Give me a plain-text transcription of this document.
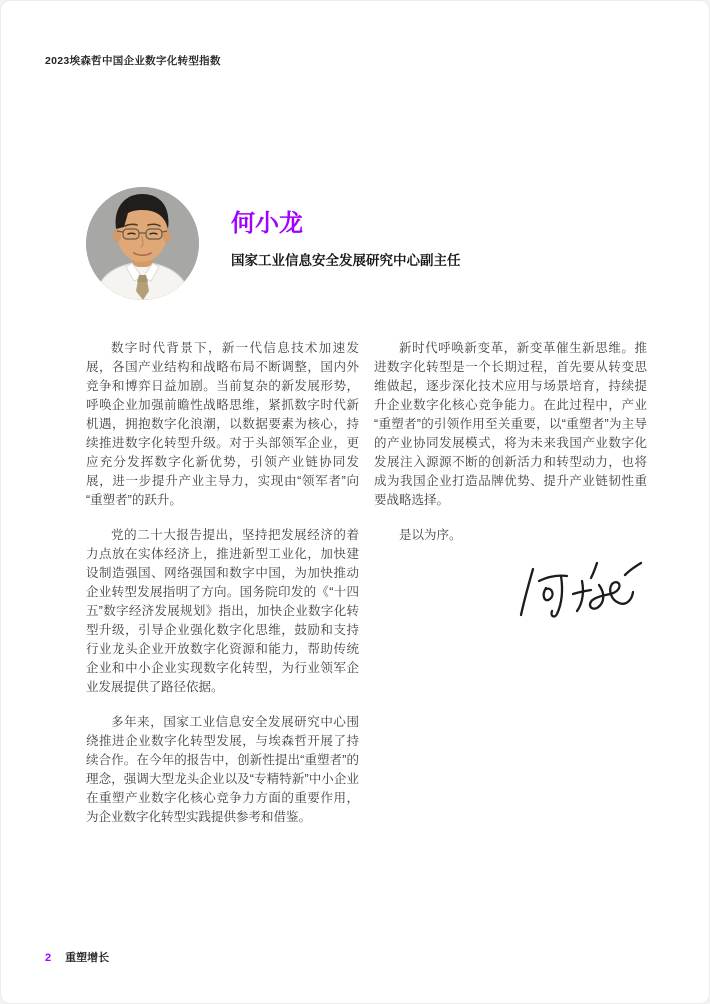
2023埃森哲中国企业数字化转型指数
何小龙
国家工业信息安全发展研究中心副主任

数字时代背景下，新一代信息技术加速发展，各国产业结构和战略布局不断调整，国内外竞争和博弈日益加剧。当前复杂的新发展形势，呼唤企业加强前瞻性战略思维，紧抓数字时代新机遇，拥抱数字化浪潮，以数据要素为核心，持续推进数字化转型升级。对于头部领军企业，更应充分发挥数字化新优势，引领产业链协同发展，进一步提升产业主导力，实现由“领军者”向“重塑者”的跃升。

党的二十大报告提出，坚持把发展经济的着力点放在实体经济上，推进新型工业化，加快建设制造强国、网络强国和数字中国，为加快推动企业转型发展指明了方向。国务院印发的《“十四五”数字经济发展规划》指出，加快企业数字化转型升级，引导企业强化数字化思维，鼓励和支持行业龙头企业开放数字化资源和能力，帮助传统企业和中小企业实现数字化转型，为行业领军企业发展提供了路径依据。

多年来，国家工业信息安全发展研究中心围绕推进企业数字化转型发展，与埃森哲开展了持续合作。在今年的报告中，创新性提出“重塑者”的理念，强调大型龙头企业以及“专精特新”中小企业在重塑产业数字化核心竞争力方面的重要作用，为企业数字化转型实践提供参考和借鉴。

新时代呼唤新变革，新变革催生新思维。推进数字化转型是一个长期过程，首先要从转变思维做起，逐步深化技术应用与场景培育，持续提升企业数字化核心竞争能力。在此过程中，产业“重塑者”的引领作用至关重要，以“重塑者”为主导的产业协同发展模式，将为未来我国产业数字化发展注入源源不断的创新活力和转型动力，也将成为我国企业打造品牌优势、提升产业链韧性重要战略选择。

是以为序。

2 重塑增长
